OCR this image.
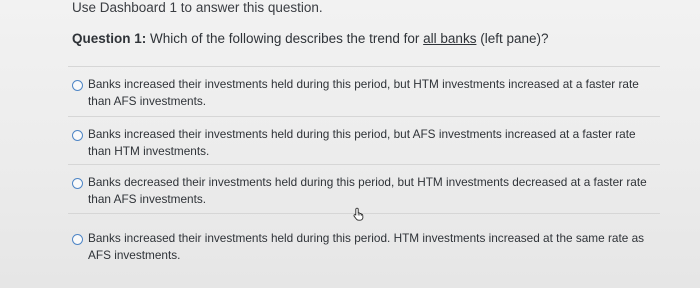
Use Dashboard 1 to answer this question.
Question 1: Which of the following describes the trend for all banks (left pane)?
Banks increased their investments held during this period, but HTM investments increased at a faster rate than AFS investments.
Banks increased their investments held during this period, but AFS investments increased at a faster rate than HTM investments.
Banks decreased their investments held during this period, but HTM investments decreased at a faster rate than AFS investments.
Banks increased their investments held during this period. HTM investments increased at the same rate as AFS investments.
